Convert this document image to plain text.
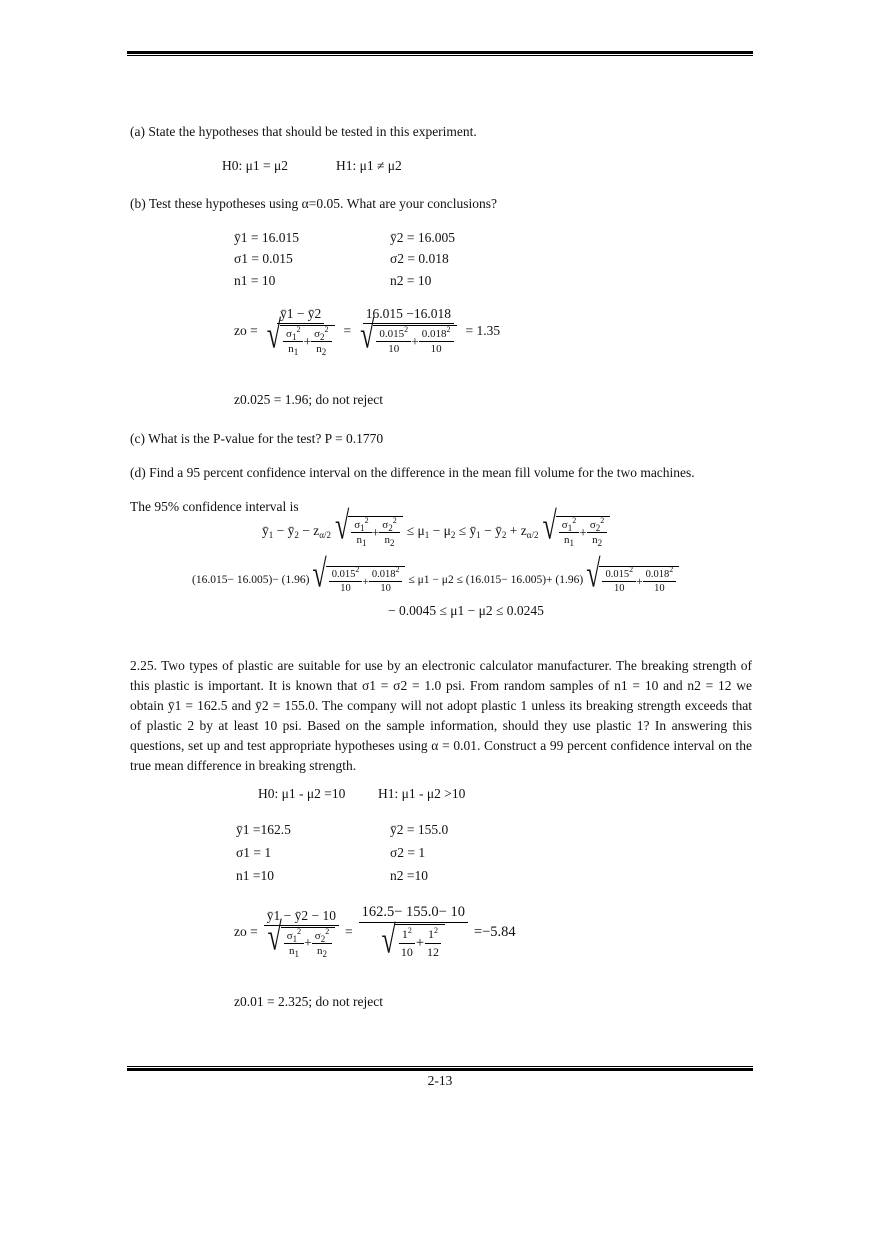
(a) State the hypotheses that should be tested in this experiment.
H0: μ1 = μ2	H1: μ1 ≠ μ2
(b) Test these hypotheses using α=0.05. What are your conclusions?
ȳ1 = 16.015	ȳ2 = 16.005
σ1 = 0.015	σ2 = 0.018
n1 = 10	n2 = 10
zo = $\frac{ȳ1 - ȳ2}{√ \frac{\sigma_1^2}{n_1} + \frac{\sigma_2^2}{n_2}} = \frac{16.015 -16.018}{√ \frac{0.015^2}{10} + \frac{0.018^2}{10}} = 1.35$
z0.025 = 1.96; do not reject
(c) What is the P-value for the test? P = 0.1770
(d) Find a 95 percent confidence interval on the difference in the mean fill volume for the two machines.
The 95% confidence interval is
$ȳ_1$ − $ȳ_2 - z_{\alpha/2}$ √ $\frac{\sigma_1^2}{n_1} + \frac{\sigma_2^2}{n_2} \le \mu_1 - \mu_2$ ≤ $ȳ_1$ − $ȳ_2 + z_{\alpha/2}$ √ $\frac{\sigma_1^2}{n_1} + \frac{\sigma_2^2}{n_2}$
(16.015− 16.005)− (1.96) √ $\frac{0.015^2}{10} + \frac{0.018^2}{10} \le \mu 1 - \mu 2 \le (16.015- 16.005)+ (1.96)$ √ $\frac{0.015^2}{10} + \frac{0.018^2}{10}$
− 0.0045 ≤ μ1 − μ2 ≤ 0.0245
2.25. Two types of plastic are suitable for use by an electronic calculator manufacturer. The breaking strength of this plastic is important. It is known that σ1 = σ2 = 1.0 psi. From random samples of n1 = 10 and n2 = 12 we obtain ȳ1 = 162.5 and ȳ2 = 155.0. The company will not adopt plastic 1 unless its breaking strength exceeds that of plastic 2 by at least 10 psi. Based on the sample information, should they use plastic 1? In answering this questions, set up and test appropriate hypotheses using α = 0.01. Construct a 99 percent confidence interval on the true mean difference in breaking strength.
H0: μ1 - μ2 =10 H1: μ1 - μ2 >10
ȳ1 =162.5	ȳ2 = 155.0
σ1 = 1	σ2 = 1
n1 =10	n2 =10
zo = $\frac{ȳ1 - ȳ2 - 10}{√ \frac{\sigma_1^2}{n_1} + \frac{\sigma_2^2}{n_2}} = \frac{162.5- 155.0- 10}{√ \frac{1^2}{10} + \frac{1^2}{12}} =-5.84$
z0.01 = 2.325; do not reject
2-13
